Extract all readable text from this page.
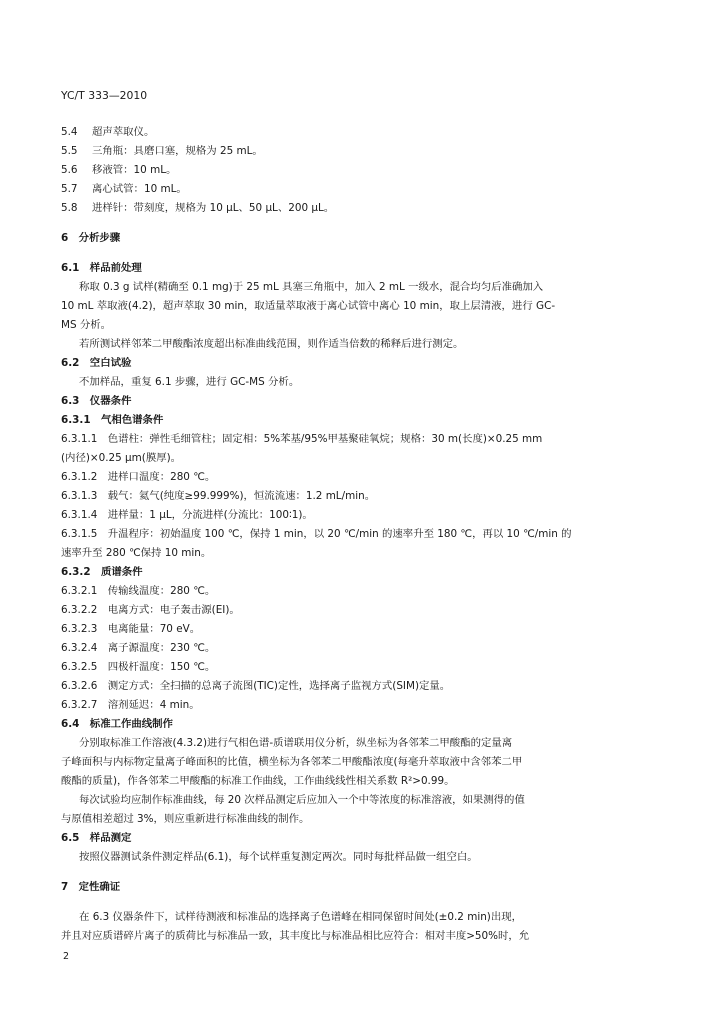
YC/T 333—2010
5.4 超声萃取仪。
5.5 三角瓶：具磨口塞，规格为 25 mL。
5.6 移液管：10 mL。
5.7 离心试管：10 mL。
5.8 进样针：带刻度，规格为 10 μL、50 μL、200 μL。
6　分析步骤
6.1　样品前处理
称取 0.3 g 试样(精确至 0.1 mg)于 25 mL 具塞三角瓶中，加入 2 mL 一级水，混合均匀后准确加入
10 mL 萃取液(4.2)，超声萃取 30 min，取适量萃取液于离心试管中离心 10 min，取上层清液，进行 GC-
MS 分析。
若所测试样邻苯二甲酸酯浓度超出标准曲线范围，则作适当倍数的稀释后进行测定。
6.2　空白试验
不加样品，重复 6.1 步骤，进行 GC-MS 分析。
6.3　仪器条件
6.3.1　气相色谱条件
6.3.1.1　色谱柱：弹性毛细管柱；固定相：5%苯基/95%甲基聚硅氧烷；规格：30 m(长度)×0.25 mm
(内径)×0.25 μm(膜厚)。
6.3.1.2　进样口温度：280 ℃。
6.3.1.3　载气：氦气(纯度≥99.999%)，恒流流速：1.2 mL/min。
6.3.1.4　进样量：1 μL，分流进样(分流比：100∶1)。
6.3.1.5　升温程序：初始温度 100 ℃，保持 1 min，以 20 ℃/min 的速率升至 180 ℃，再以 10 ℃/min 的
速率升至 280 ℃保持 10 min。
6.3.2　质谱条件
6.3.2.1　传输线温度：280 ℃。
6.3.2.2　电离方式：电子轰击源(EI)。
6.3.2.3　电离能量：70 eV。
6.3.2.4　离子源温度：230 ℃。
6.3.2.5　四极杆温度：150 ℃。
6.3.2.6　测定方式：全扫描的总离子流图(TIC)定性，选择离子监视方式(SIM)定量。
6.3.2.7　溶剂延迟：4 min。
6.4　标准工作曲线制作
分别取标准工作溶液(4.3.2)进行气相色谱-质谱联用仪分析，纵坐标为各邻苯二甲酸酯的定量离
子峰面积与内标物定量离子峰面积的比值，横坐标为各邻苯二甲酸酯浓度(每毫升萃取液中含邻苯二甲
酸酯的质量)，作各邻苯二甲酸酯的标准工作曲线，工作曲线线性相关系数 R²>0.99。
每次试验均应制作标准曲线，每 20 次样品测定后应加入一个中等浓度的标准溶液，如果测得的值
与原值相差超过 3%，则应重新进行标准曲线的制作。
6.5　样品测定
按照仪器测试条件测定样品(6.1)，每个试样重复测定两次。同时每批样品做一组空白。
7　定性确证
在 6.3 仪器条件下，试样待测液和标准品的选择离子色谱峰在相同保留时间处(±0.2 min)出现，
并且对应质谱碎片离子的质荷比与标准品一致，其丰度比与标准品相比应符合：相对丰度>50%时，允
2
